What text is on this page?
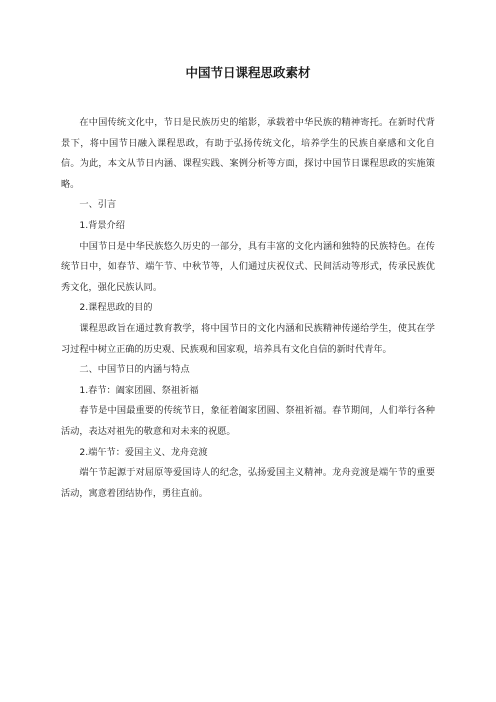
中国节日课程思政素材

在中国传统文化中，节日是民族历史的缩影，承载着中华民族的精神寄托。在新时代背景下，将中国节日融入课程思政，有助于弘扬传统文化，培养学生的民族自豪感和文化自信。为此，本文从节日内涵、课程实践、案例分析等方面，探讨中国节日课程思政的实施策略。

一、引言

1.背景介绍

中国节日是中华民族悠久历史的一部分，具有丰富的文化内涵和独特的民族特色。在传统节日中，如春节、端午节、中秋节等，人们通过庆祝仪式、民间活动等形式，传承民族优秀文化，强化民族认同。

2.课程思政的目的

课程思政旨在通过教育教学，将中国节日的文化内涵和民族精神传递给学生，使其在学习过程中树立正确的历史观、民族观和国家观，培养具有文化自信的新时代青年。

二、中国节日的内涵与特点

1.春节：阖家团圆、祭祖祈福

春节是中国最重要的传统节日，象征着阖家团圆、祭祖祈福。春节期间，人们举行各种活动，表达对祖先的敬意和对未来的祝愿。

2.端午节：爱国主义、龙舟竞渡

端午节起源于对屈原等爱国诗人的纪念，弘扬爱国主义精神。龙舟竞渡是端午节的重要活动，寓意着团结协作，勇往直前。
